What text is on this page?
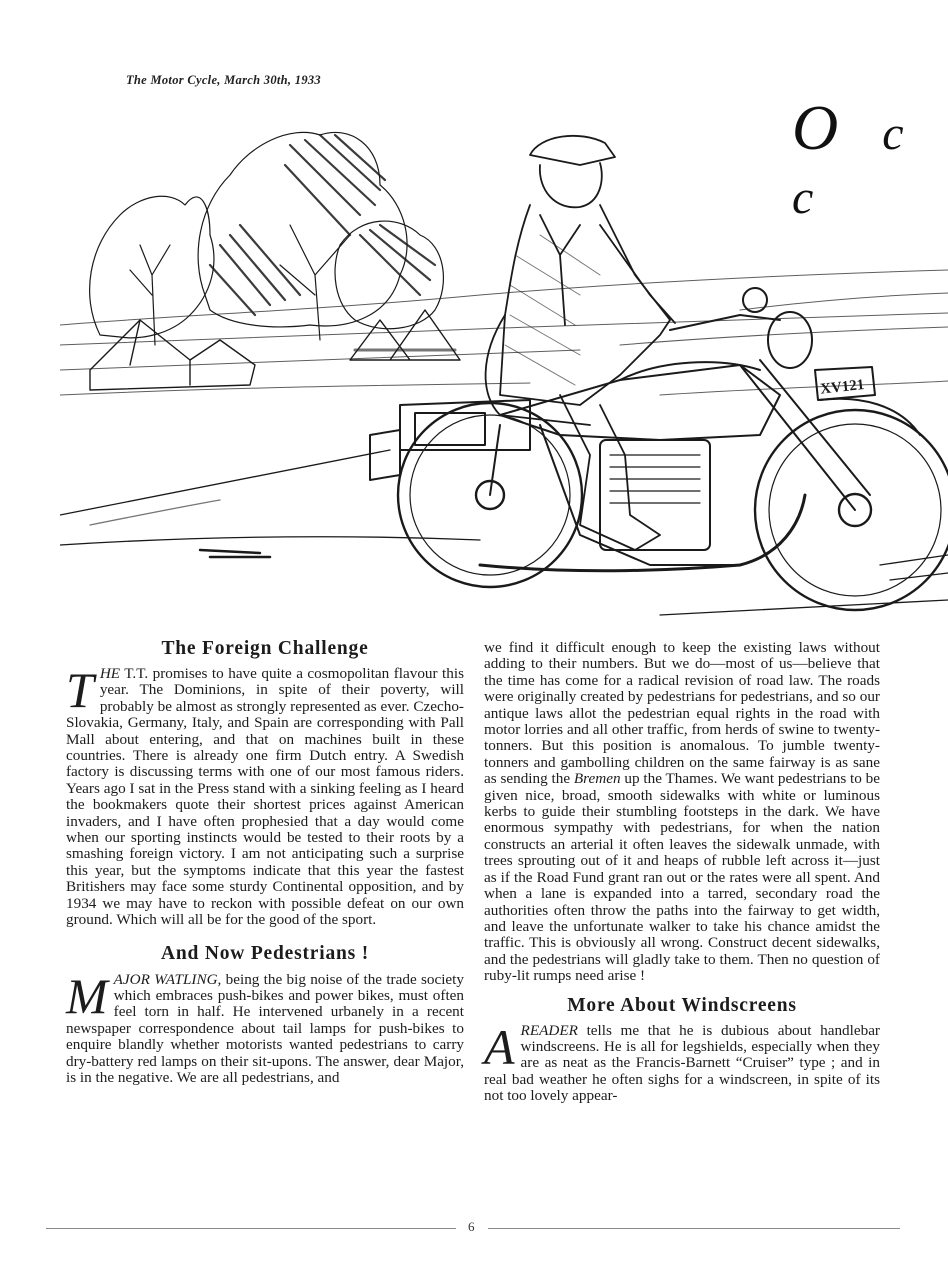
The Motor Cycle, March 30th, 1933
O c c
XV121
The Foreign Challenge

THE T.T. promises to have quite a cosmopolitan flavour this year. The Dominions, in spite of their poverty, will probably be almost as strongly represented as ever. Czecho-Slovakia, Germany, Italy, and Spain are corresponding with Pall Mall about entering, and that on machines built in these countries. There is already one firm Dutch entry. A Swedish factory is discussing terms with one of our most famous riders. Years ago I sat in the Press stand with a sinking feeling as I heard the bookmakers quote their shortest prices against American invaders, and I have often prophesied that a day would come when our sporting instincts would be tested to their roots by a smashing foreign victory. I am not anticipating such a surprise this year, but the symptoms indicate that this year the fastest Britishers may face some sturdy Continental opposition, and by 1934 we may have to reckon with possible defeat on our own ground. Which will all be for the good of the sport.

And Now Pedestrians !

MAJOR WATLING, being the big noise of the trade society which embraces push-bikes and power bikes, must often feel torn in half. He intervened urbanely in a recent newspaper correspondence about tail lamps for push-bikes to enquire blandly whether motorists wanted pedestrians to carry dry-battery red lamps on their sit-upons. The answer, dear Major, is in the negative. We are all pedestrians, and

we find it difficult enough to keep the existing laws without adding to their numbers. But we do—most of us—believe that the time has come for a radical revision of road law. The roads were originally created by pedestrians for pedestrians, and so our antique laws allot the pedestrian equal rights in the road with motor lorries and all other traffic, from herds of swine to twenty-tonners. But this position is anomalous. To jumble twenty-tonners and gambolling children on the same fairway is as sane as sending the Bremen up the Thames. We want pedestrians to be given nice, broad, smooth sidewalks with white or luminous kerbs to guide their stumbling footsteps in the dark. We have enormous sympathy with pedestrians, for when the nation constructs an arterial it often leaves the sidewalk unmade, with trees sprouting out of it and heaps of rubble left across it—just as if the Road Fund grant ran out or the rates were all spent. And when a lane is expanded into a tarred, secondary road the authorities often throw the paths into the fairway to get width, and leave the unfortunate walker to take his chance amidst the traffic. This is obviously all wrong. Construct decent sidewalks, and the pedestrians will gladly take to them. Then no question of ruby-lit rumps need arise !

More About Windscreens

AREADER tells me that he is dubious about handlebar windscreens. He is all for legshields, especially when they are as neat as the Francis-Barnett “Cruiser” type ; and in real bad weather he often sighs for a windscreen, in spite of its not too lovely appear-

6
